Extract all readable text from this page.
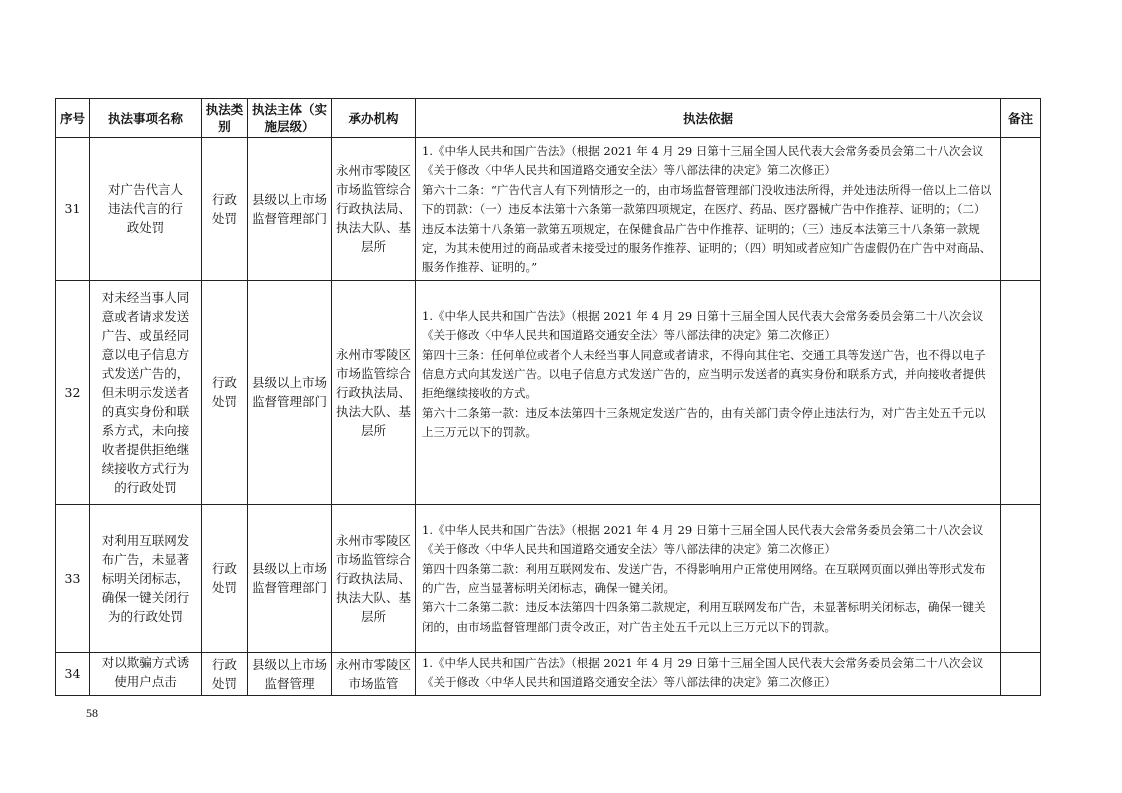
序号	执法事项名称	执法类别	执法主体（实施层级）	承办机构	执法依据	备注
31	对广告代言人违法代言的行政处罚	行政处罚	县级以上市场监督管理部门	永州市零陵区市场监管综合行政执法局、执法大队、基层所	1.《中华人民共和国广告法》（根据 2021 年 4 月 29 日第十三届全国人民代表大会常务委员会第二十八次会议《关于修改〈中华人民共和国道路交通安全法〉等八部法律的决定》第二次修正）
第六十二条：“广告代言人有下列情形之一的，由市场监督管理部门没收违法所得，并处违法所得一倍以上二倍以下的罚款：（一）违反本法第十六条第一款第四项规定，在医疗、药品、医疗器械广告中作推荐、证明的；（二）违反本法第十八条第一款第五项规定，在保健食品广告中作推荐、证明的；（三）违反本法第三十八条第一款规定，为其未使用过的商品或者未接受过的服务作推荐、证明的；（四）明知或者应知广告虚假仍在广告中对商品、服务作推荐、证明的。”	

32	对未经当事人同意或者请求发送广告、或虽经同意以电子信息方式发送广告的，但未明示发送者的真实身份和联系方式，未向接收者提供拒绝继续接收方式行为的行政处罚	行政处罚	县级以上市场监督管理部门	永州市零陵区市场监管综合行政执法局、执法大队、基层所	1.《中华人民共和国广告法》（根据 2021 年 4 月 29 日第十三届全国人民代表大会常务委员会第二十八次会议《关于修改〈中华人民共和国道路交通安全法〉等八部法律的决定》第二次修正）
第四十三条：任何单位或者个人未经当事人同意或者请求，不得向其住宅、交通工具等发送广告，也不得以电子信息方式向其发送广告。以电子信息方式发送广告的，应当明示发送者的真实身份和联系方式，并向接收者提供拒绝继续接收的方式。
第六十二条第一款：违反本法第四十三条规定发送广告的，由有关部门责令停止违法行为，对广告主处五千元以上三万元以下的罚款。	

33	对利用互联网发布广告，未显著标明关闭标志，确保一键关闭行为的行政处罚	行政处罚	县级以上市场监督管理部门	永州市零陵区市场监管综合行政执法局、执法大队、基层所	1.《中华人民共和国广告法》（根据 2021 年 4 月 29 日第十三届全国人民代表大会常务委员会第二十八次会议《关于修改〈中华人民共和国道路交通安全法〉等八部法律的决定》第二次修正）
第四十四条第二款：利用互联网发布、发送广告，不得影响用户正常使用网络。在互联网页面以弹出等形式发布的广告，应当显著标明关闭标志，确保一键关闭。
第六十二条第二款：违反本法第四十四条第二款规定，利用互联网发布广告，未显著标明关闭标志，确保一键关闭的，由市场监督管理部门责令改正，对广告主处五千元以上三万元以下的罚款。	

34	对以欺骗方式诱使用户点击	行政处罚	县级以上市场监督管理	永州市零陵区市场监管	1.《中华人民共和国广告法》（根据 2021 年 4 月 29 日第十三届全国人民代表大会常务委员会第二十八次会议《关于修改〈中华人民共和国道路交通安全法〉等八部法律的决定》第二次修正）	

58
